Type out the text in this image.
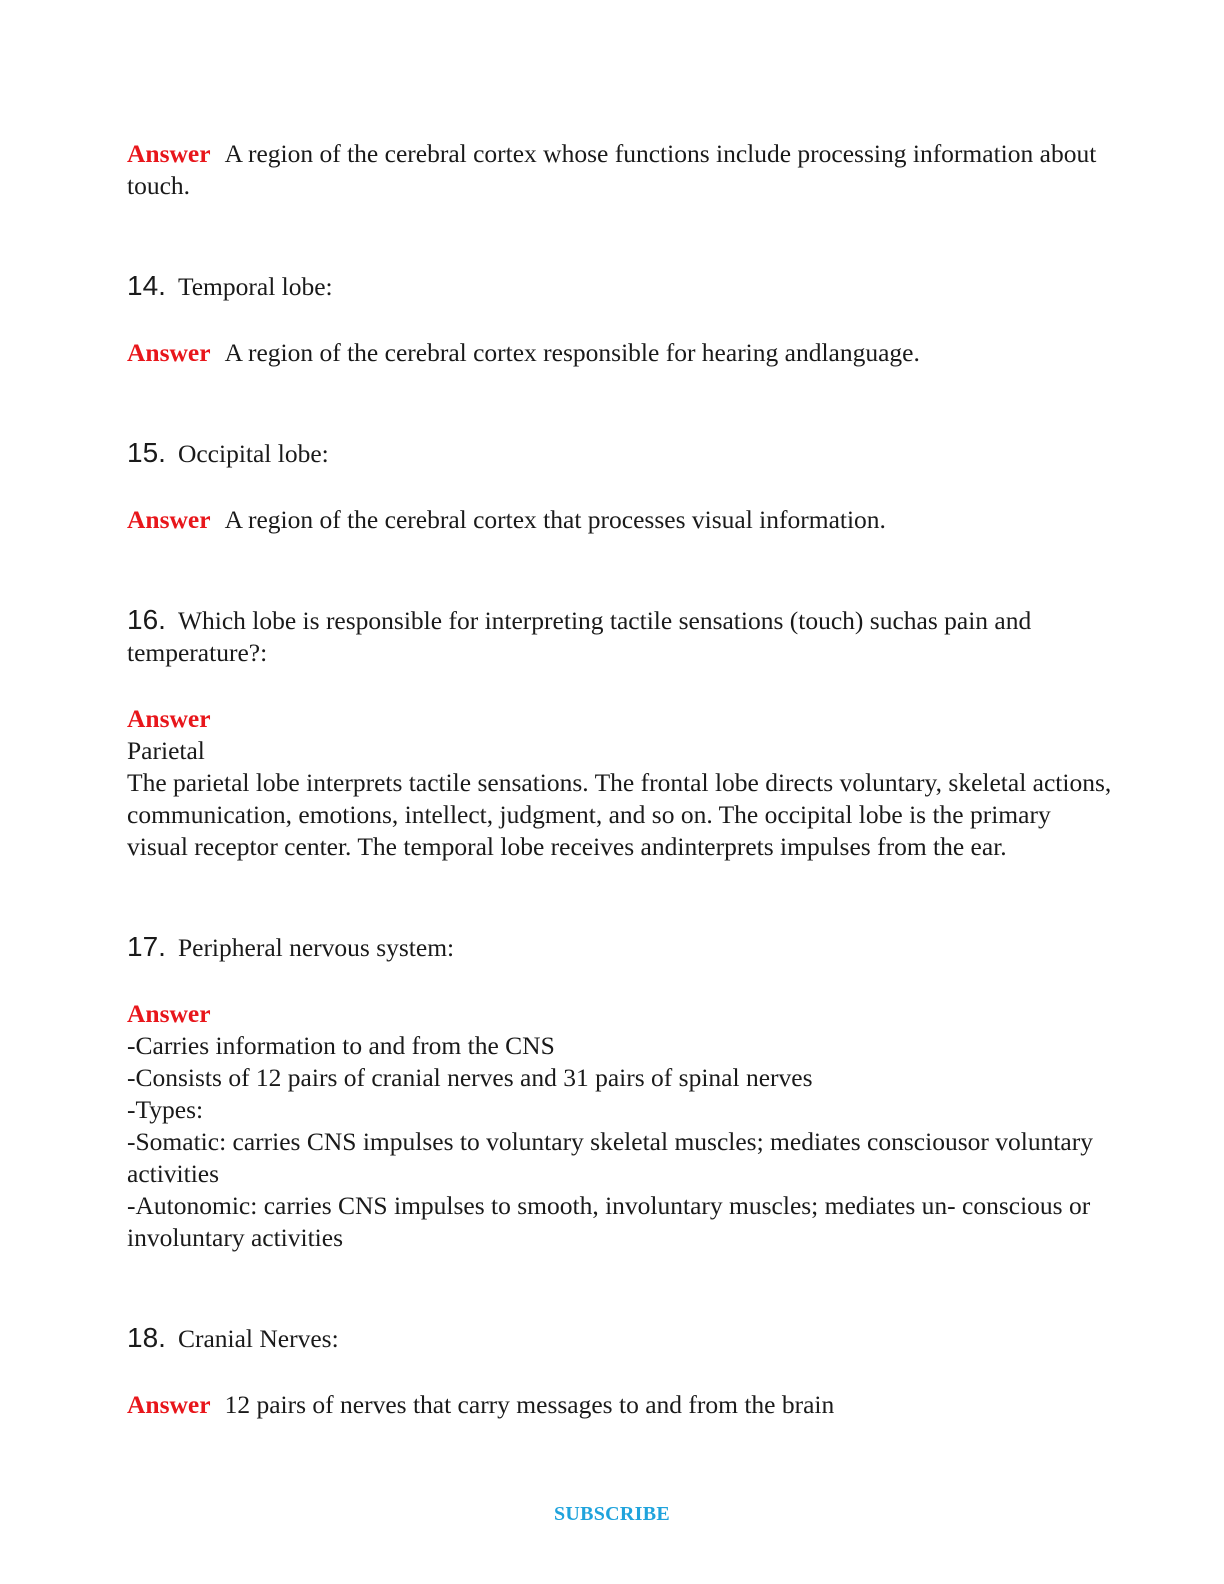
Answer A region of the cerebral cortex whose functions include processing information about touch.

14. Temporal lobe:

Answer A region of the cerebral cortex responsible for hearing andlanguage.

15. Occipital lobe:

Answer A region of the cerebral cortex that processes visual information.

16. Which lobe is responsible for interpreting tactile sensations (touch) suchas pain and temperature?:

Answer
Parietal
The parietal lobe interprets tactile sensations. The frontal lobe directs voluntary, skeletal actions, communication, emotions, intellect, judgment, and so on. The occipital lobe is the primary visual receptor center. The temporal lobe receives andinterprets impulses from the ear.

17. Peripheral nervous system:

Answer
-Carries information to and from the CNS
-Consists of 12 pairs of cranial nerves and 31 pairs of spinal nerves
-Types:
-Somatic: carries CNS impulses to voluntary skeletal muscles; mediates consciousor voluntary activities
-Autonomic: carries CNS impulses to smooth, involuntary muscles; mediates un- conscious or involuntary activities

18. Cranial Nerves:

Answer 12 pairs of nerves that carry messages to and from the brain

SUBSCRIBE
